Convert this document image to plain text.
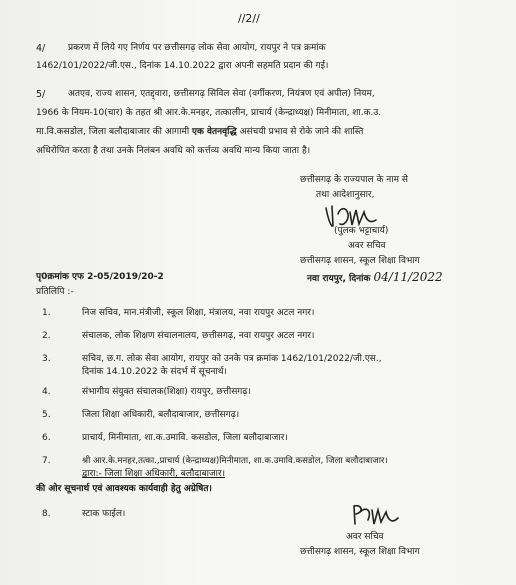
//2//
4/	प्रकरण में लिये गए निर्णय पर छत्तीसगढ़ लोक सेवा आयोग, रायपुर ने पत्र क्रमांक
1462/101/2022/जी.एस., दिनांक 14.10.2022 द्वारा अपनी सहमति प्रदान की गई।
5/	अतएव, राज्य शासन, एतद्द्वारा, छत्तीसगढ़ सिविल सेवा (वर्गीकरण, नियंत्रण एवं अपील) नियम,
1966 के नियम-10(चार) के तहत श्री आर.के.मनहर, तत्कालीन, प्राचार्य (केन्द्राध्यक्ष) मिनीमाता, शा.क.उ.
मा.वि.कसडोल, जिला बलौदाबाजार की आगामी एक वेतनवृद्धि असंचयी प्रभाव से रोके जाने की शास्ति
अधिरोपित करता है तथा उनके निलंबन अवधि को कर्त्तव्य अवधि मान्य किया जाता है।
छत्तीसगढ़ के राज्यपाल के नाम से
तथा आदेशानुसार,
(पुलक भट्टाचार्य)
अवर सचिव
छत्तीसगढ़ शासन, स्कूल शिक्षा विभाग
पृ0क्रमांक एफ 2-05/2019/20-2	नवा रायपुर, दिनांक 04/11/2022
प्रतिलिपि :-
1.	निज सचिव, मान.मंत्रीजी, स्कूल शिक्षा, मंत्रालय, नवा रायपुर अटल नगर।
2.	संचालक, लोक शिक्षण संचालनालय, छत्तीसगढ़, नवा रायपुर अटल नगर।
3.	सचिव, छ.ग. लोक सेवा आयोग, रायपुर को उनके पत्र क्रमांक 1462/101/2022/जी.एस.,
दिनांक 14.10.2022 के संदर्भ में सूचनार्थ।
4.	संभागीय संयुक्त संचालक(शिक्षा) रायपुर, छत्तीसगढ़।
5.	जिला शिक्षा अधिकारी, बलौदाबाजार, छत्तीसगढ़।
6.	प्राचार्य, मिनीमाता, शा.क.उमावि. कसडोल, जिला बलौदाबाजार।
7.	श्री आर.के.मनहर,तत्का.,प्राचार्य (केन्द्राध्यक्ष)मिनीमाता, शा.क.उमावि.कसडोल, जिला बलौदाबाजार।
द्वारा:- जिला शिक्षा अधिकारी, बलौदाबाजार।
की ओर सूचनार्थ एवं आवश्यक कार्यवाही हेतु अग्रेषित।
8.	स्टाक फाईल।
अवर सचिव
छत्तीसगढ़ शासन, स्कूल शिक्षा विभाग
